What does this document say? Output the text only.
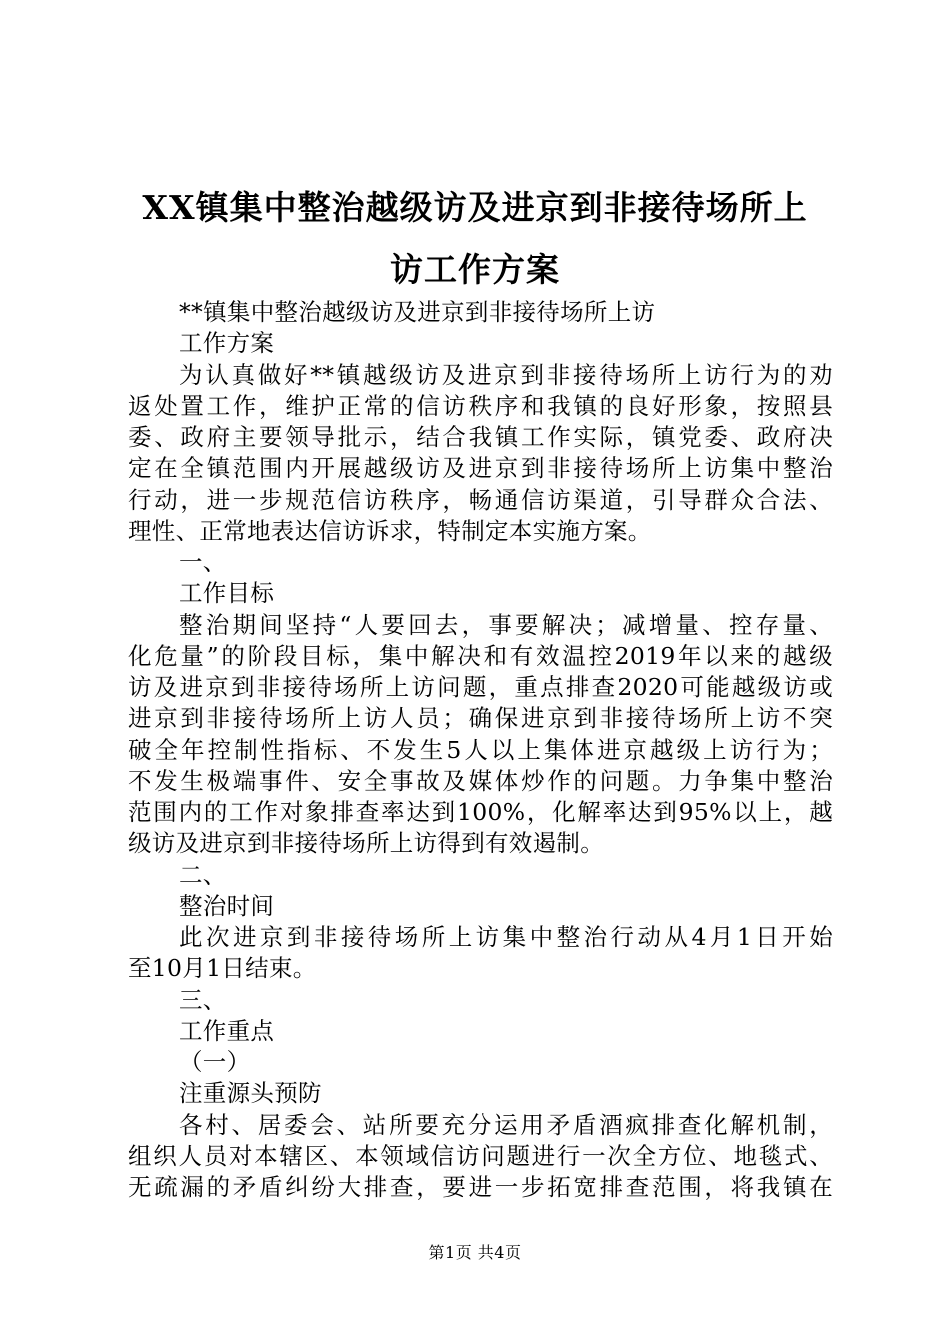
XX镇集中整治越级访及进京到非接待场所上
访工作方案
**镇集中整治越级访及进京到非接待场所上访
工作方案
为认真做好**镇越级访及进京到非接待场所上访行为的劝
返处置工作，维护正常的信访秩序和我镇的良好形象，按照县
委、政府主要领导批示，结合我镇工作实际，镇党委、政府决
定在全镇范围内开展越级访及进京到非接待场所上访集中整治
行动，进一步规范信访秩序，畅通信访渠道，引导群众合法、
理性、正常地表达信访诉求，特制定本实施方案。
一、
工作目标
整治期间坚持“人要回去，事要解决；减增量、控存量、
化危量”的阶段目标，集中解决和有效温控2019年以来的越级
访及进京到非接待场所上访问题，重点排查2020可能越级访或
进京到非接待场所上访人员；确保进京到非接待场所上访不突
破全年控制性指标、不发生5人以上集体进京越级上访行为；
不发生极端事件、安全事故及媒体炒作的问题。力争集中整治
范围内的工作对象排查率达到100%，化解率达到95%以上，越
级访及进京到非接待场所上访得到有效遏制。
二、
整治时间
此次进京到非接待场所上访集中整治行动从4月1日开始
至10月1日结束。
三、
工作重点
（一）
注重源头预防
各村、居委会、站所要充分运用矛盾酒疯排查化解机制，
组织人员对本辖区、本领域信访问题进行一次全方位、地毯式、
无疏漏的矛盾纠纷大排查，要进一步拓宽排查范围，将我镇在
第1页 共4页
